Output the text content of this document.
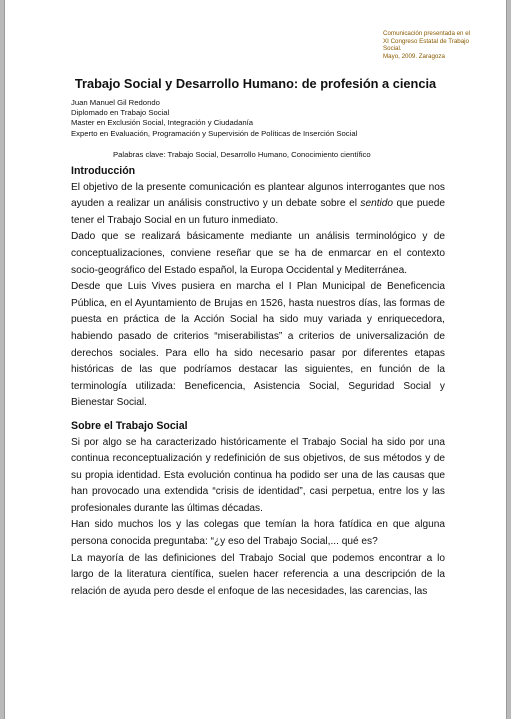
Comunicación presentada en el
XI Congreso Estatal de Trabajo
Social.
Mayo, 2009. Zaragoza
Trabajo Social y Desarrollo Humano: de profesión a ciencia
Juan Manuel Gil Redondo
Diplomado en Trabajo Social
Master en Exclusión Social, Integración y Ciudadanía
Experto en Evaluación, Programación y Supervisión de Políticas de Inserción Social
Palabras clave: Trabajo Social, Desarrollo Humano, Conocimiento científico
Introducción

El objetivo de la presente comunicación es plantear algunos interrogantes que nos ayuden a realizar un análisis constructivo y un debate sobre el sentido que puede tener el Trabajo Social en un futuro inmediato.

Dado que se realizará básicamente mediante un análisis terminológico y de conceptualizaciones, conviene reseñar que se ha de enmarcar en el contexto socio-geográfico del Estado español, la Europa Occidental y Mediterránea.

Desde que Luis Vives pusiera en marcha el I Plan Municipal de Beneficencia Pública, en el Ayuntamiento de Brujas en 1526, hasta nuestros días, las formas de puesta en práctica de la Acción Social ha sido muy variada y enriquecedora, habiendo pasado de criterios “miserabilistas” a criterios de universalización de derechos sociales. Para ello ha sido necesario pasar por diferentes etapas históricas de las que podríamos destacar las siguientes, en función de la terminología utilizada: Beneficencia, Asistencia Social, Seguridad Social y Bienestar Social.

Sobre el Trabajo Social

Si por algo se ha caracterizado históricamente el Trabajo Social ha sido por una continua reconceptualización y redefinición de sus objetivos, de sus métodos y de su propia identidad. Esta evolución continua ha podido ser una de las causas que han provocado una extendida “crisis de identidad”, casi perpetua, entre los y las profesionales durante las últimas décadas.

Han sido muchos los y las colegas que temían la hora fatídica en que alguna persona conocida preguntaba: “¿y eso del Trabajo Social,... qué es?

La mayoría de las definiciones del Trabajo Social que podemos encontrar a lo largo de la literatura científica, suelen hacer referencia a una descripción de la relación de ayuda pero desde el enfoque de las necesidades, las carencias, las
